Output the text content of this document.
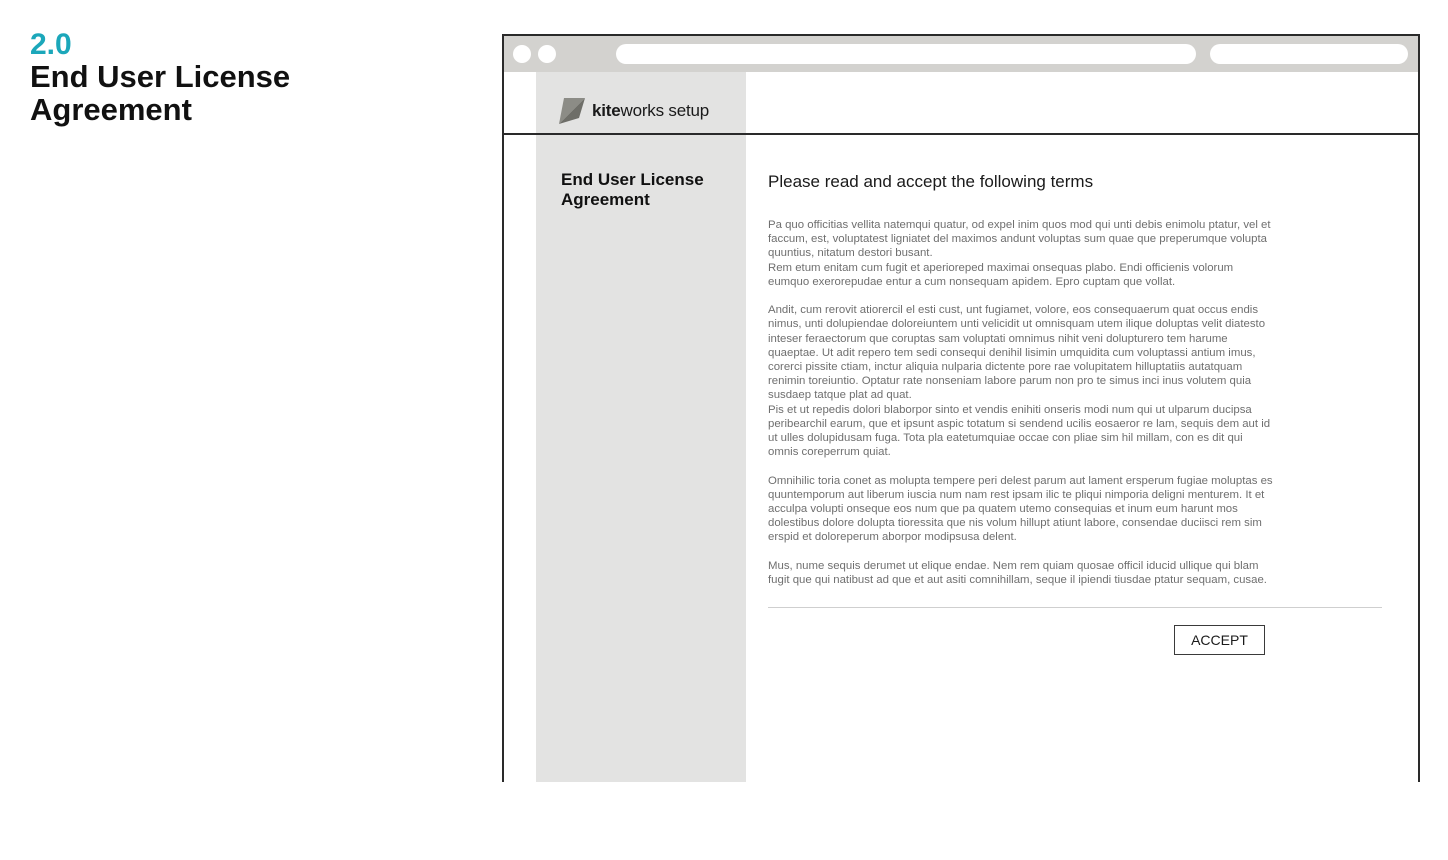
2.0
End User License Agreement	kiteworks setup
End User License Agreement
Please read and accept the following terms

Pa quo officitias vellita natemqui quatur, od expel inim quos mod qui unti debis enimolu ptatur, vel et faccum, est, voluptatest ligniatet del maximos andunt voluptas sum quae que preperumque volupta quuntius, nitatum destori busant.
Rem etum enitam cum fugit et aperioreped maximai onsequas plabo. Endi officienis volorum eumquo exerorepudae entur a cum nonsequam apidem. Epro cuptam que vollat.

Andit, cum rerovit atiorercil el esti cust, unt fugiamet, volore, eos consequaerum quat occus endis nimus, unti dolupiendae doloreiuntem unti velicidit ut omnisquam utem ilique doluptas velit diatesto inteser feraectorum que coruptas sam voluptati omnimus nihit veni dolupturero tem harume quaeptae. Ut adit repero tem sedi consequi denihil lisimin umquidita cum voluptassi antium imus, corerci pissite ctiam, inctur aliquia nulparia dictente pore rae volupitatem hilluptatiis autatquam renimin toreiuntio. Optatur rate nonseniam labore parum non pro te simus inci inus volutem quia susdaep tatque plat ad quat.
Pis et ut repedis dolori blaborpor sinto et vendis enihiti onseris modi num qui ut ulparum ducipsa peribearchil earum, que et ipsunt aspic totatum si sendend ucilis eosaeror re lam, sequis dem aut id ut ulles dolupidusam fuga. Tota pla eatetumquiae occae con pliae sim hil millam, con es dit qui omnis coreperrum quiat.

Omnihilic toria conet as molupta tempere peri delest parum aut lament ersperum fugiae moluptas es quuntemporum aut liberum iuscia num nam rest ipsam ilic te pliqui nimporia deligni menturem. It et acculpa volupti onseque eos num que pa quatem utemo consequias et inum eum harunt mos dolestibus dolore dolupta tioressita que nis volum hillupt atiunt labore, consendae duciisci rem sim erspid et doloreperum aborpor modipsusa delent.

Mus, nume sequis derumet ut elique endae. Nem rem quiam quosae officil iducid ullique qui blam fugit que qui natibust ad que et aut asiti comnihillam, seque il ipiendi tiusdae ptatur sequam, cusae.

ACCEPT
